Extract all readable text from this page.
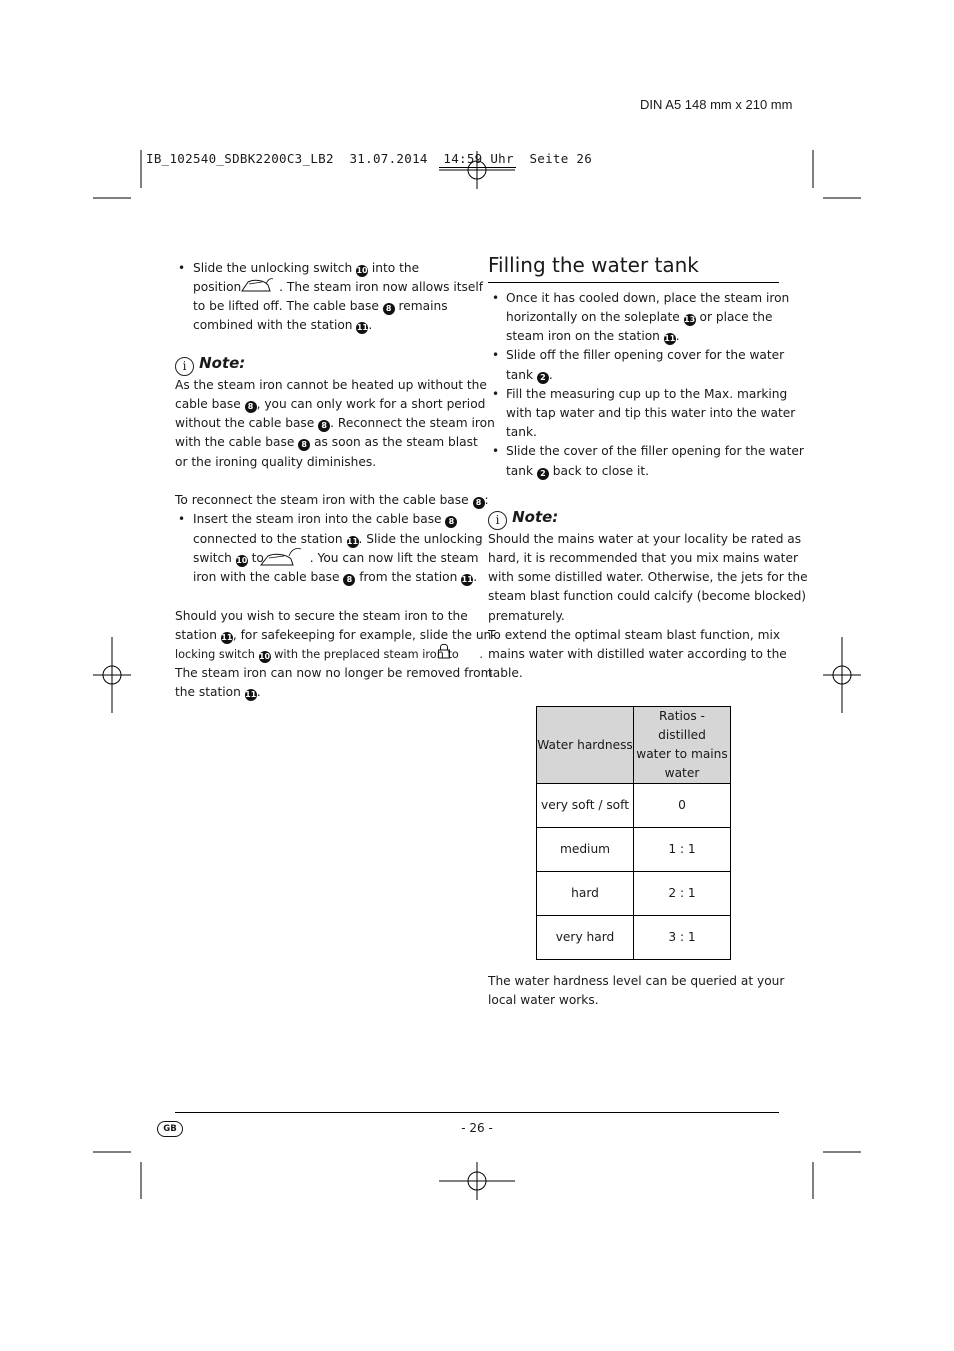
DIN A5 148 mm x 210 mm
IB_102540_SDBK2200C3_LB2  31.07.2014  14:59 Uhr  Seite 26
• Slide the unlocking switch 10 into the
position	. The steam iron now allows itself
to be lifted off. The cable base 8 remains
combined with the station 11.
i Note:
As the steam iron cannot be heated up without the
cable base 8 , you can only work for a short period
without the cable base 8 . Reconnect the steam iron
with the cable base 8 as soon as the steam blast
or the ironing quality diminishes.
To reconnect the steam iron with the cable base 8 :
• Insert the steam iron into the cable base 8
connected to the station 11. Slide the unlocking
switch 10 to	. You can now lift the steam
iron with the cable base 8 from the station 11.
Should you wish to secure the steam iron to the
station 11, for safekeeping for example, slide the un-
locking switch 10 with the preplaced steam iron to .
The steam iron can now no longer be removed from
the station 11.
Filling the water tank
• Once it has cooled down, place the steam iron
horizontally on the soleplate 13 or place the
steam iron on the station 11.
• Slide off the filler opening cover for the water
tank 2 .
• Fill the measuring cup up to the Max. marking
with tap water and tip this water into the water
tank.
• Slide the cover of the filler opening for the water
tank 2 back to close it.
i Note:
Should the mains water at your locality be rated as
hard, it is recommended that you mix mains water
with some distilled water. Otherwise, the jets for the
steam blast function could calcify (become blocked)
prematurely.
To extend the optimal steam blast function, mix
mains water with distilled water according to the
table.
Water hardness	Ratios - distilled
water to mains
water

very soft / soft	0
medium	1 : 1
hard	2 : 1
very hard	3 : 1
The water hardness level can be queried at your
local water works.
GB	- 26 -
